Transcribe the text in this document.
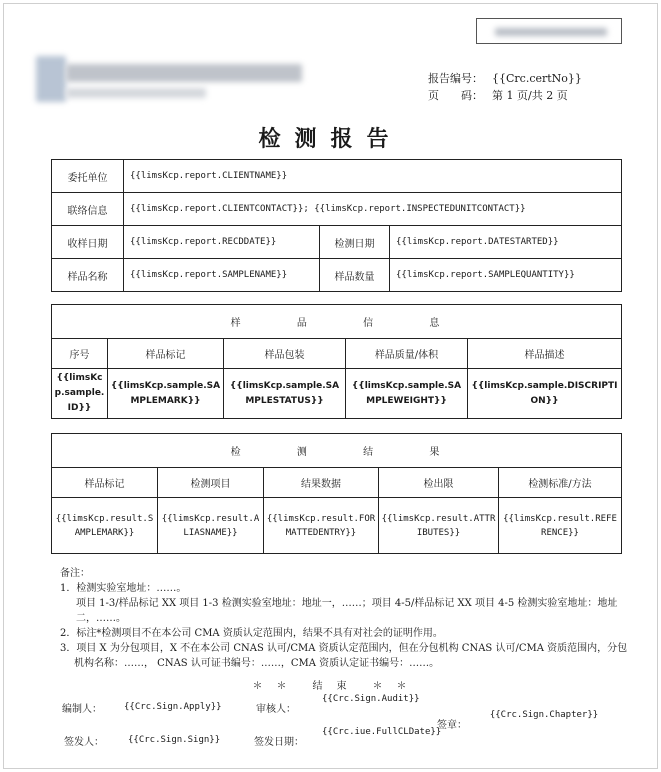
报告编号： {{Crc.certNo}}
页　　码： 第 1 页/共 2 页
检测报告
委托单位	{{limsKcp.report.CLIENTNAME}}		
联络信息	{{limsKcp.report.CLIENTCONTACT}}; {{limsKcp.report.INSPECTEDUNITCONTACT}}		
收样日期	{{limsKcp.report.RECDDATE}}	检测日期	{{limsKcp.report.DATESTARTED}}
样品名称	{{limsKcp.report.SAMPLENAME}}	样品数量	{{limsKcp.report.SAMPLEQUANTITY}}
样 品 信 息				

序号	样品标记	样品包装	样品质量/体积	样品描述
{{limsKcp.sample.ID}}	{{limsKcp.sample.SAMPLEMARK}}	{{limsKcp.sample.SAMPLESTATUS}}	{{limsKcp.sample.SAMPLEWEIGHT}}	{{limsKcp.sample.DISCRIPTION}}
检 测 结 果				

样品标记	检测项目	结果数据	检出限	检测标准/方法
{{limsKcp.result.SAMPLEMARK}}	{{limsKcp.result.ALIASNAME}}	{{limsKcp.result.FORMATTEDENTRY}}	{{limsKcp.result.ATTRIBUTES}}	{{limsKcp.result.REFERENCE}}
备注：
1．检测实验室地址：……。
项目 1-3/样品标记 XX 项目 1-3 检测实验室地址：地址一，……；项目 4-5/样品标记 XX 项目 4-5 检测实验室地址：地址二，……。
2．标注*检测项目不在本公司 CMA 资质认定范围内，结果不具有对社会的证明作用。
3．项目 X 为分包项目，X 不在本公司 CNAS 认可/CMA 资质认定范围内，但在分包机构 CNAS 认可/CMA 资质范围内，分包机构名称：……， CNAS 认可证书编号：……，CMA 资质认定证书编号：……。
＊　＊　　结　束　　＊　＊
编制人： {{Crc.Sign.Apply}}	审核人：
{{Crc.Sign.Audit}}
签章：
{{Crc.Sign.Chapter}}
签发人：	{{Crc.Sign.Sign}}	签发日期：
{{Crc.iue.FullCLDate}}
